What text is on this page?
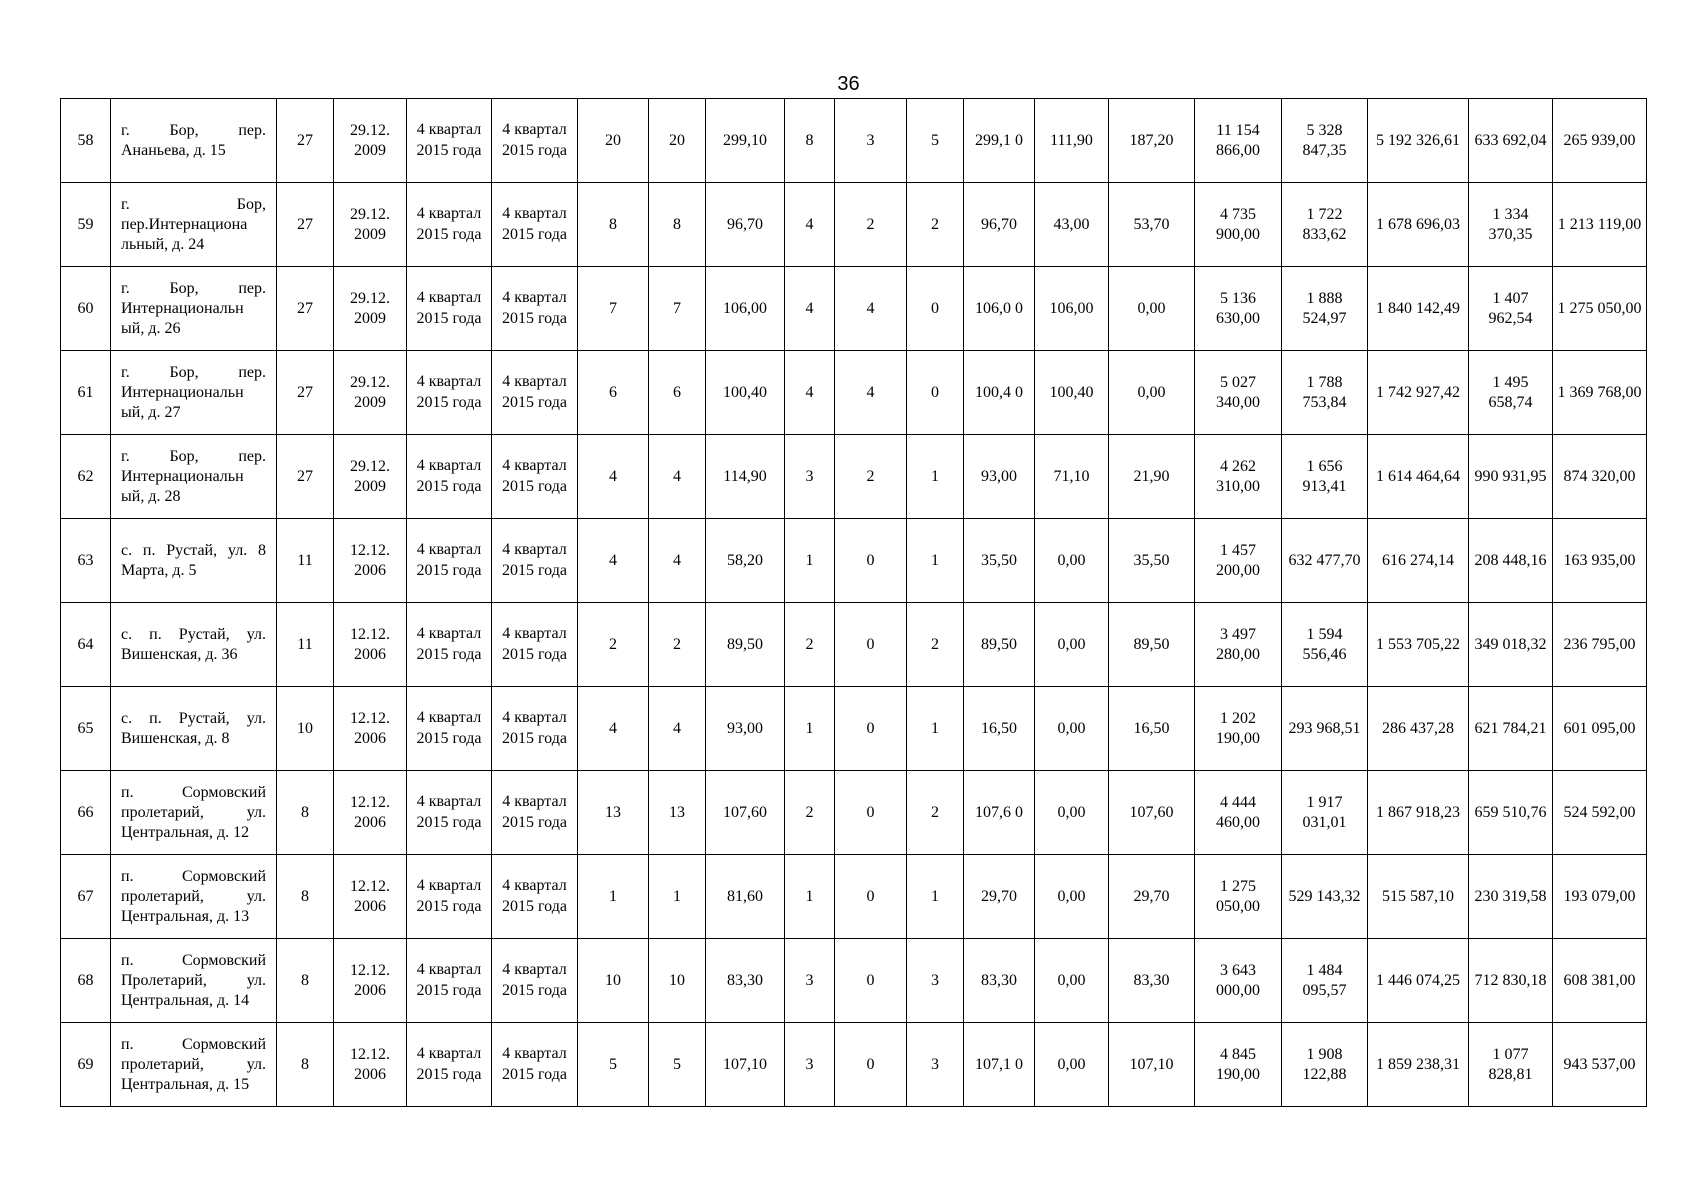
36
58	г. Бор, пер. Ананьева, д. 15	27	29.12. 2009	4 квартал 2015 года	4 квартал 2015 года	20	20	299,10	8	3	5	299,1 0	111,90	187,20	11 154 866,00	5 328 847,35	5 192 326,61	633 692,04	265 939,00
59	г. Бор, пер.Интернациона льный, д. 24	27	29.12. 2009	4 квартал 2015 года	4 квартал 2015 года	8	8	96,70	4	2	2	96,70	43,00	53,70	4 735 900,00	1 722 833,62	1 678 696,03	1 334 370,35	1 213 119,00
60	г. Бор, пер. Интернациональн ый, д. 26	27	29.12. 2009	4 квартал 2015 года	4 квартал 2015 года	7	7	106,00	4	4	0	106,0 0	106,00	0,00	5 136 630,00	1 888 524,97	1 840 142,49	1 407 962,54	1 275 050,00
61	г. Бор, пер. Интернациональн ый, д. 27	27	29.12. 2009	4 квартал 2015 года	4 квартал 2015 года	6	6	100,40	4	4	0	100,4 0	100,40	0,00	5 027 340,00	1 788 753,84	1 742 927,42	1 495 658,74	1 369 768,00
62	г. Бор, пер. Интернациональн ый, д. 28	27	29.12. 2009	4 квартал 2015 года	4 квартал 2015 года	4	4	114,90	3	2	1	93,00	71,10	21,90	4 262 310,00	1 656 913,41	1 614 464,64	990 931,95	874 320,00
63	с. п. Рустай, ул. 8 Марта, д. 5	11	12.12. 2006	4 квартал 2015 года	4 квартал 2015 года	4	4	58,20	1	0	1	35,50	0,00	35,50	1 457 200,00	632 477,70	616 274,14	208 448,16	163 935,00
64	с. п. Рустай, ул. Вишенская, д. 36	11	12.12. 2006	4 квартал 2015 года	4 квартал 2015 года	2	2	89,50	2	0	2	89,50	0,00	89,50	3 497 280,00	1 594 556,46	1 553 705,22	349 018,32	236 795,00
65	с. п. Рустай, ул. Вишенская, д. 8	10	12.12. 2006	4 квартал 2015 года	4 квартал 2015 года	4	4	93,00	1	0	1	16,50	0,00	16,50	1 202 190,00	293 968,51	286 437,28	621 784,21	601 095,00
66	п. Сормовский пролетарий, ул. Центральная, д. 12	8	12.12. 2006	4 квартал 2015 года	4 квартал 2015 года	13	13	107,60	2	0	2	107,6 0	0,00	107,60	4 444 460,00	1 917 031,01	1 867 918,23	659 510,76	524 592,00
67	п. Сормовский пролетарий, ул. Центральная, д. 13	8	12.12. 2006	4 квартал 2015 года	4 квартал 2015 года	1	1	81,60	1	0	1	29,70	0,00	29,70	1 275 050,00	529 143,32	515 587,10	230 319,58	193 079,00
68	п. Сормовский Пролетарий, ул. Центральная, д. 14	8	12.12. 2006	4 квартал 2015 года	4 квартал 2015 года	10	10	83,30	3	0	3	83,30	0,00	83,30	3 643 000,00	1 484 095,57	1 446 074,25	712 830,18	608 381,00
69	п. Сормовский пролетарий, ул. Центральная, д. 15	8	12.12. 2006	4 квартал 2015 года	4 квартал 2015 года	5	5	107,10	3	0	3	107,1 0	0,00	107,10	4 845 190,00	1 908 122,88	1 859 238,31	1 077 828,81	943 537,00
